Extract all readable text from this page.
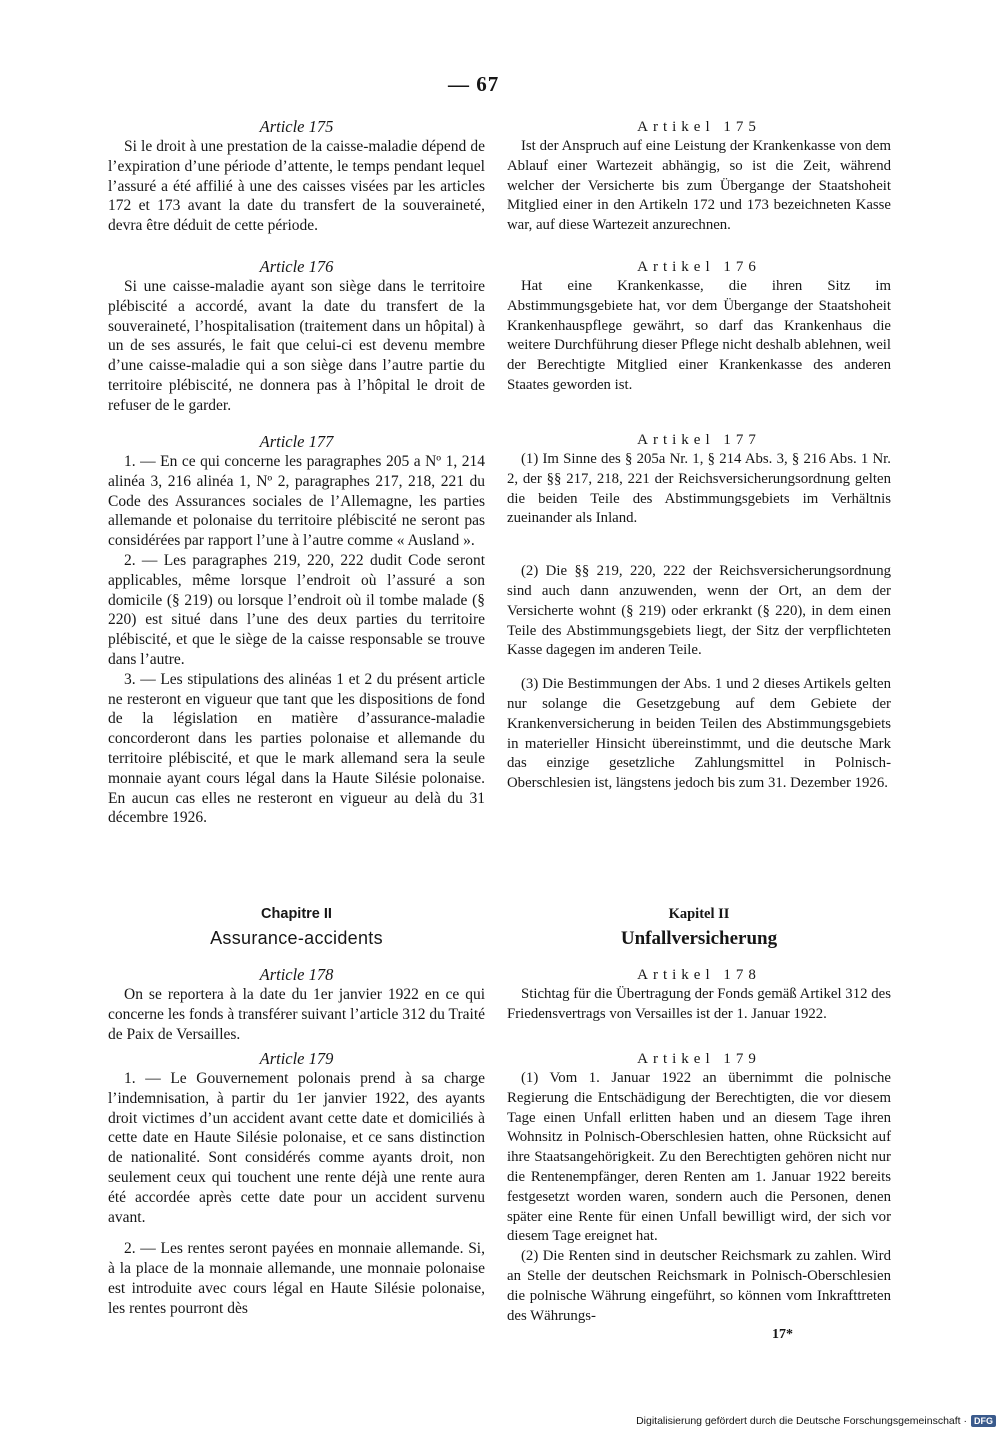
— 67
Article 175

Si le droit à une prestation de la caisse-maladie dépend de l’expiration d’une période d’attente, le temps pendant lequel l’assuré a été affilié à une des caisses visées par les articles 172 et 173 avant la date du transfert de la souveraineté, devra être déduit de cette période.

Article 176

Si une caisse-maladie ayant son siège dans le territoire plébiscité a accordé, avant la date du transfert de la souveraineté, l’hospitalisation (traitement dans un hôpital) à un de ses assurés, le fait que celui-ci est devenu membre d’une caisse-maladie qui a son siège dans l’autre partie du territoire plébiscité, ne donnera pas à l’hôpital le droit de refuser de le garder.

Article 177

1. — En ce qui concerne les paragraphes 205 a Nº 1, 214 alinéa 3, 216 alinéa 1, Nº 2, paragraphes 217, 218, 221 du Code des Assurances sociales de l’Allemagne, les parties allemande et polonaise du territoire plébiscité ne seront pas considérées par rapport l’une à l’autre comme « Ausland ».

2. — Les paragraphes 219, 220, 222 dudit Code seront applicables, même lorsque l’endroit où l’assuré a son domicile (§ 219) ou lorsque l’endroit où il tombe malade (§ 220) est situé dans l’une des deux parties du territoire plébiscité, et que le siège de la caisse responsable se trouve dans l’autre.

3. — Les stipulations des alinéas 1 et 2 du présent article ne resteront en vigueur que tant que les dispositions de fond de la législation en matière d’assurance-maladie concorderont dans les parties polonaise et allemande du territoire plébiscité, et que le mark allemand sera la seule monnaie ayant cours légal dans la Haute Silésie polonaise. En aucun cas elles ne resteront en vigueur au delà du 31 décembre 1926.

Chapitre II
Assurance-accidents
Article 178

On se reportera à la date du 1er janvier 1922 en ce qui concerne les fonds à transférer suivant l’article 312 du Traité de Paix de Versailles.

Article 179

1. — Le Gouvernement polonais prend à sa charge l’indemnisation, à partir du 1er janvier 1922, des ayants droit victimes d’un accident avant cette date et domiciliés à cette date en Haute Silésie polonaise, et ce sans distinction de nationalité. Sont considérés comme ayants droit, non seulement ceux qui touchent une rente déjà une rente aura été accordée après cette date pour un accident survenu avant.

2. — Les rentes seront payées en monnaie allemande. Si, à la place de la monnaie allemande, une monnaie polonaise est introduite avec cours légal en Haute Silésie polonaise, les rentes pourront dès

Artikel 175

Ist der Anspruch auf eine Leistung der Krankenkasse von dem Ablauf einer Wartezeit abhängig, so ist die Zeit, während welcher der Versicherte bis zum Übergange der Staatshoheit Mitglied einer in den Artikeln 172 und 173 bezeichneten Kasse war, auf diese Wartezeit anzurechnen.

Artikel 176

Hat eine Krankenkasse, die ihren Sitz im Abstimmungsgebiete hat, vor dem Übergange der Staatshoheit Krankenhauspflege gewährt, so darf das Krankenhaus die weitere Durchführung dieser Pflege nicht deshalb ablehnen, weil der Berechtigte Mitglied einer Krankenkasse des anderen Staates geworden ist.

Artikel 177

(1) Im Sinne des § 205a Nr. 1, § 214 Abs. 3, § 216 Abs. 1 Nr. 2, der §§ 217, 218, 221 der Reichsversicherungsordnung gelten die beiden Teile des Abstimmungsgebiets im Verhältnis zueinander als Inland.

(2) Die §§ 219, 220, 222 der Reichsversicherungsordnung sind auch dann anzuwenden, wenn der Ort, an dem der Versicherte wohnt (§ 219) oder erkrankt (§ 220), in dem einen Teile des Abstimmungsgebiets liegt, der Sitz der verpflichteten Kasse dagegen im anderen Teile.

(3) Die Bestimmungen der Abs. 1 und 2 dieses Artikels gelten nur solange die Gesetzgebung auf dem Gebiete der Krankenversicherung in beiden Teilen des Abstimmungsgebiets in materieller Hinsicht übereinstimmt, und die deutsche Mark das einzige gesetzliche Zahlungsmittel in Polnisch-Oberschlesien ist, längstens jedoch bis zum 31. Dezember 1926.

Kapitel II
Unfallversicherung
Artikel 178

Stichtag für die Übertragung der Fonds gemäß Artikel 312 des Friedensvertrags von Versailles ist der 1. Januar 1922.

Artikel 179

(1) Vom 1. Januar 1922 an übernimmt die polnische Regierung die Entschädigung der Berechtigten, die vor diesem Tage einen Unfall erlitten haben und an diesem Tage ihren Wohnsitz in Polnisch-Oberschlesien hatten, ohne Rücksicht auf ihre Staatsangehörigkeit. Zu den Berechtigten gehören nicht nur die Rentenempfänger, deren Renten am 1. Januar 1922 bereits festgesetzt worden waren, sondern auch die Personen, denen später eine Rente für einen Unfall bewilligt wird, der sich vor diesem Tage ereignet hat.

(2) Die Renten sind in deutscher Reichsmark zu zahlen. Wird an Stelle der deutschen Reichsmark in Polnisch-Oberschlesien die polnische Währung eingeführt, so können vom Inkrafttreten des Währungs-

17*
Digitalisierung gefördert durch die Deutsche Forschungsgemeinschaft · DFG
